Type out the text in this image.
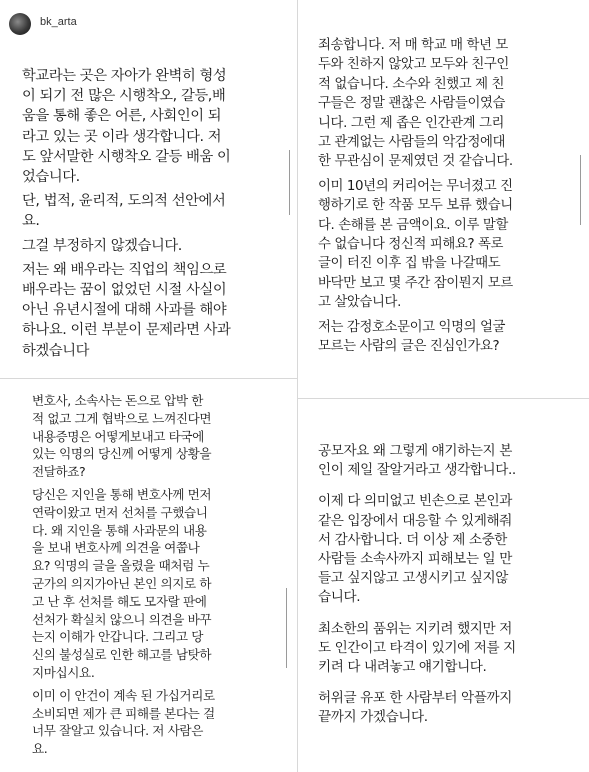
bk_arta

학교라는 곳은 자아가 완벽히 형성
이 되기 전 많은 시행착오, 갈등,배
움을 통해 좋은 어른, 사회인이 되
라고 있는 곳 이라 생각합니다. 저
도 앞서말한 시행착오 갈등 배움 이
었습니다.

단, 법적, 윤리적, 도의적 선안에서
요.

그걸 부정하지 않겠습니다.

저는 왜 배우라는 직업의 책임으로
배우라는 꿈이 없었던 시절 사실이
아닌 유년시절에 대해 사과를 해야
하나요. 이런 부분이 문제라면 사과
하겠습니다

변호사, 소속사는 돈으로 압박 한
적 없고 그게 협박으로 느껴진다면
내용증명은 어떻게보내고 타국에
있는 익명의 당신께 어떻게 상황을
전달하죠?

당신은 지인을 통해 변호사께 먼저
연락이왔고 먼저 선처를 구했습니
다. 왜 지인을 통해 사과문의 내용
을 보내 변호사께 의견을 여쭙나
요? 익명의 글을 올렸을 때처럼 누
군가의 의지가아닌 본인 의지로 하
고 난 후 선처를 해도 모자랄 판에
선처가 확실치 않으니 의견을 바꾸
는지 이해가 안갑니다. 그리고 당
신의 불성실로 인한 해고를 남탓하
지마십시요.

이미 이 안건이 계속 된 가십거리로
소비되면 제가 큰 피해를 본다는 걸
너무 잘알고 있습니다. 저 사람은
요.

죄송합니다. 저 매 학교 매 학년 모
두와 친하지 않았고 모두와 친구인
적 없습니다. 소수와 친했고 제 친
구들은 정말 괜찮은 사람들이였습
니다. 그런 제 좁은 인간관계 그리
고 관계없는 사람들의 악감정에대
한 무관심이 문제였던 것 같습니다.

이미 10년의 커리어는 무너졌고 진
행하기로 한 작품 모두 보류 했습니
다. 손해를 본 금액이요. 이루 말할
수 없습니다 정신적 피해요? 폭로
글이 터진 이후 집 밖을 나갈때도
바닥만 보고 몇 주간 잠이뭔지 모르
고 살았습니다.

저는 감정호소문이고 익명의 얼굴
모르는 사람의 글은 진심인가요?

공모자요 왜 그렇게 얘기하는지 본
인이 제일 잘알거라고 생각합니다..

이제 다 의미없고 빈손으로 본인과
같은 입장에서 대응할 수 있게해줘
서 감사합니다. 더 이상 제 소중한
사람들 소속사까지 피해보는 일 만
들고 싶지않고 고생시키고 싶지않
습니다.

최소한의 품위는 지키려 했지만 저
도 인간이고 타격이 있기에 저를 지
키려 다 내려놓고 얘기합니다.

허위글 유포 한 사람부터 악플까지
끝까지 가겠습니다.
